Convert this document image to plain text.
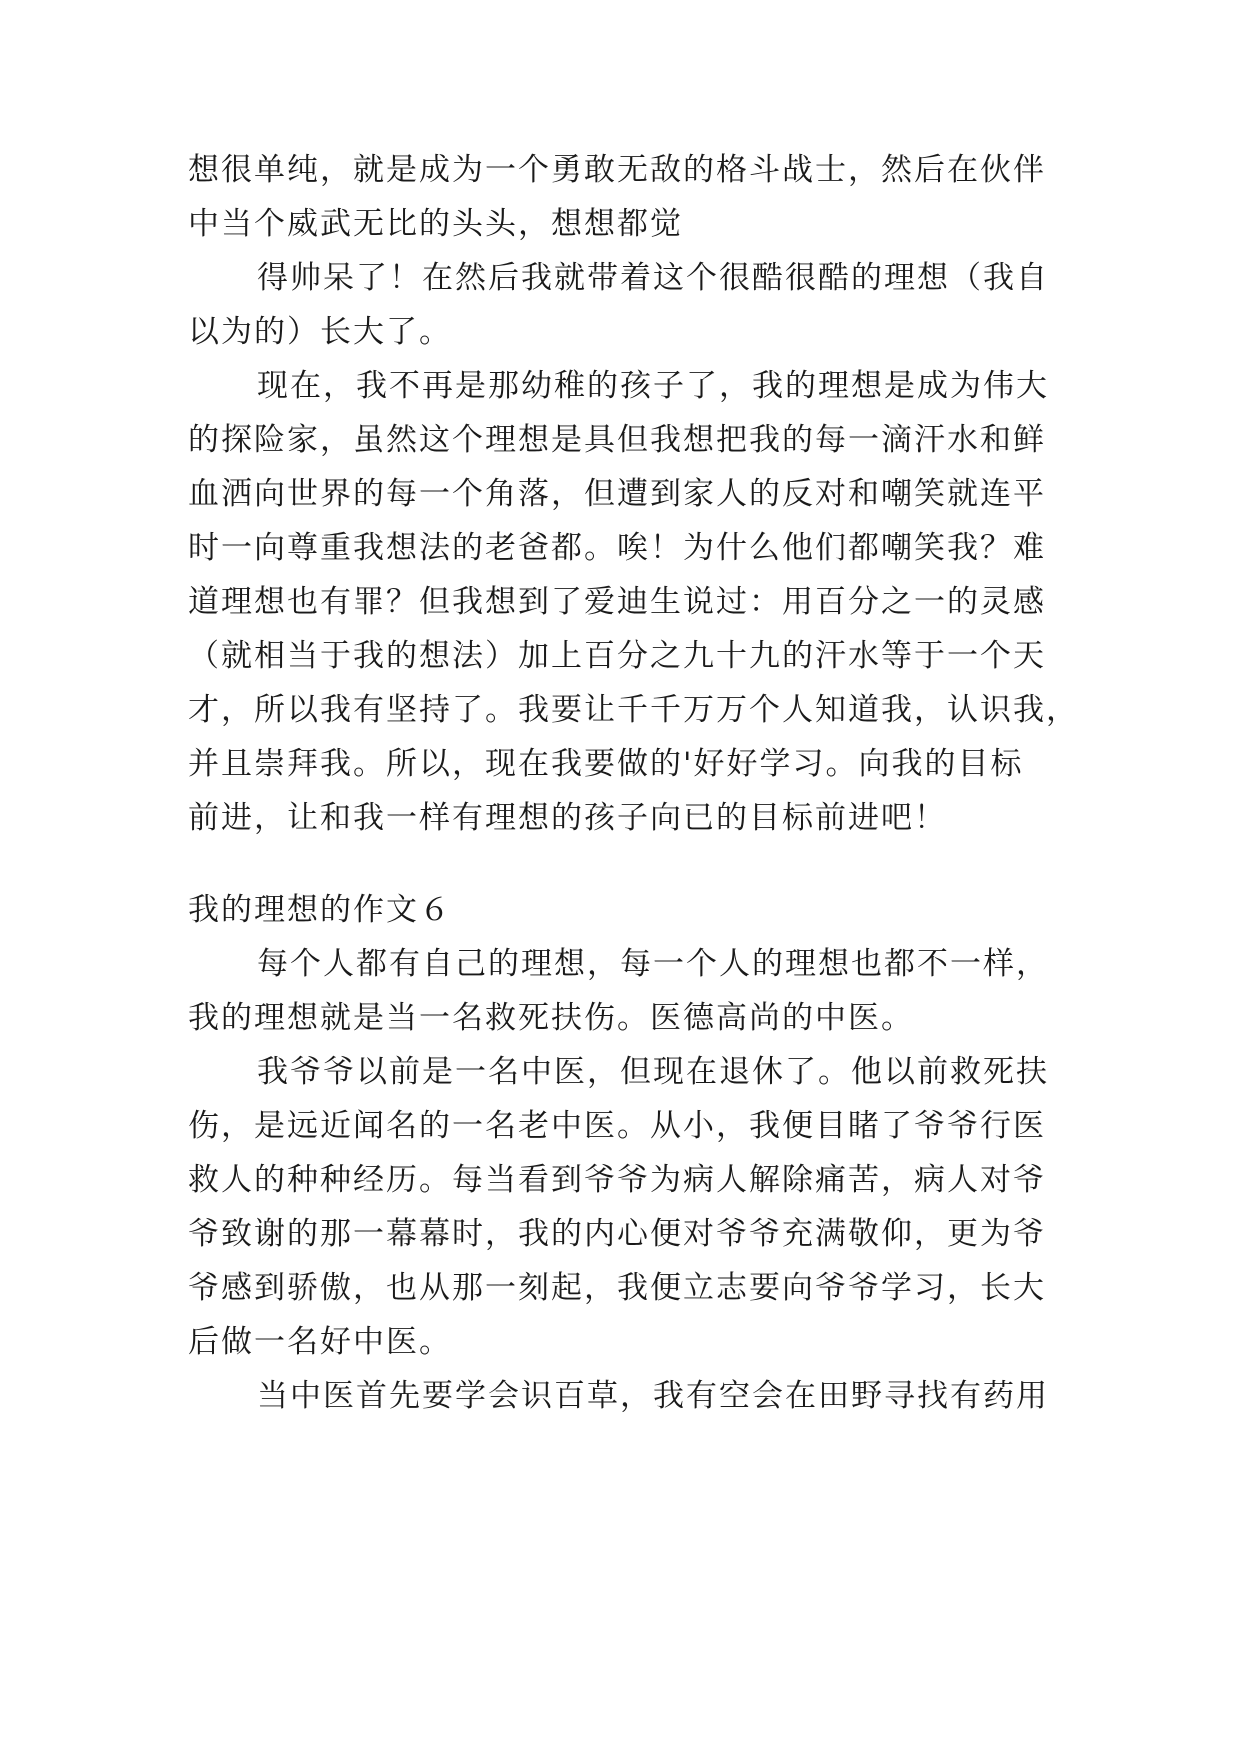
想很单纯，就是成为一个勇敢无敌的格斗战士，然后在伙伴
中当个威武无比的头头，想想都觉
得帅呆了！在然后我就带着这个很酷很酷的理想（我自
以为的）长大了。
现在，我不再是那幼稚的孩子了，我的理想是成为伟大
的探险家，虽然这个理想是具但我想把我的每一滴汗水和鲜
血洒向世界的每一个角落，但遭到家人的反对和嘲笑就连平
时一向尊重我想法的老爸都。唉！为什么他们都嘲笑我？难
道理想也有罪？但我想到了爱迪生说过：用百分之一的灵感
（就相当于我的想法）加上百分之九十九的汗水等于一个天
才，所以我有坚持了。我要让千千万万个人知道我，认识我，
并且崇拜我。所以，现在我要做的'好好学习。向我的目标
前进，让和我一样有理想的孩子向已的目标前进吧！
我的理想的作文６
每个人都有自己的理想，每一个人的理想也都不一样，
我的理想就是当一名救死扶伤。医德高尚的中医。
我爷爷以前是一名中医，但现在退休了。他以前救死扶
伤，是远近闻名的一名老中医。从小，我便目睹了爷爷行医
救人的种种经历。每当看到爷爷为病人解除痛苦，病人对爷
爷致谢的那一幕幕时，我的内心便对爷爷充满敬仰，更为爷
爷感到骄傲，也从那一刻起，我便立志要向爷爷学习，长大
后做一名好中医。
当中医首先要学会识百草，我有空会在田野寻找有药用
